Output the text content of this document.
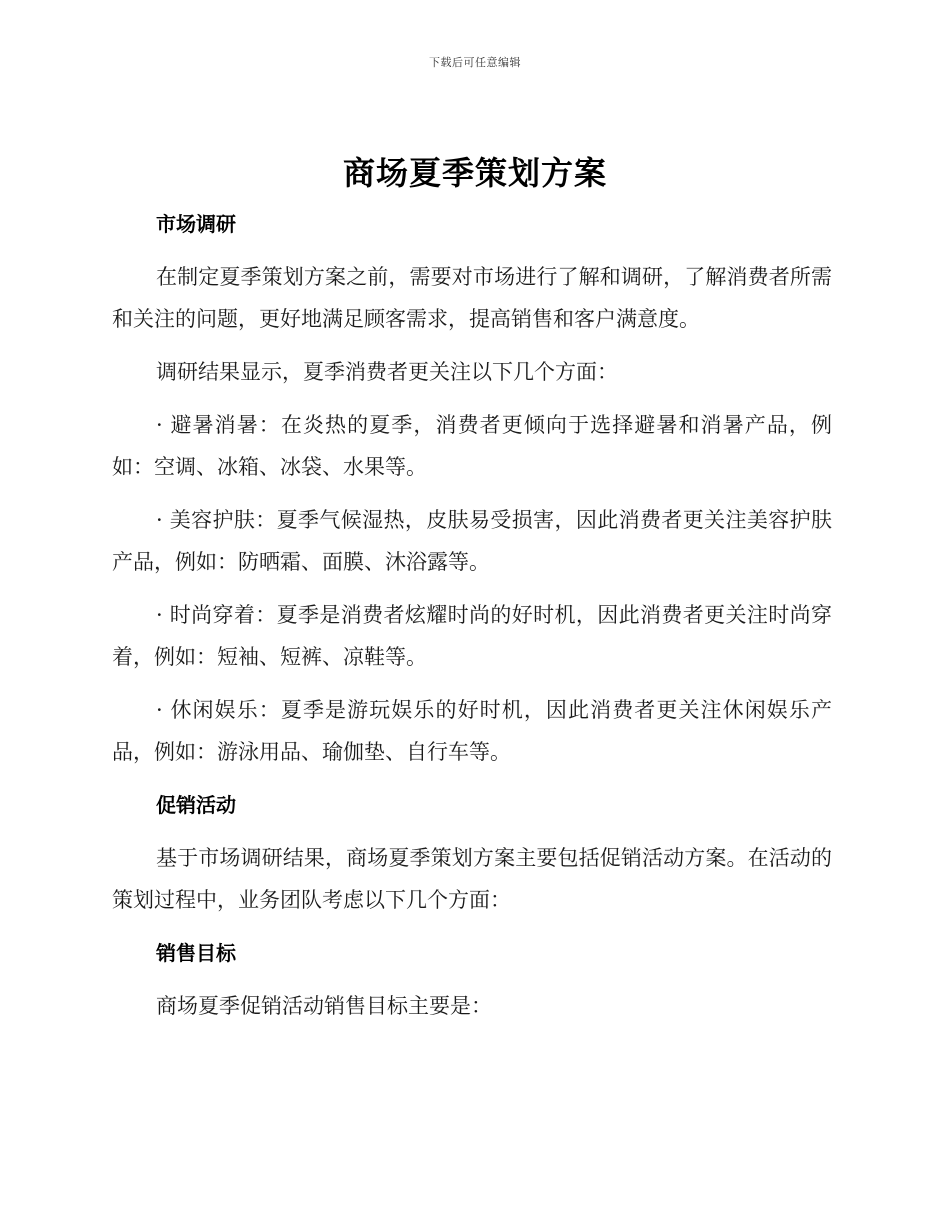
下载后可任意编辑
商场夏季策划方案
市场调研
在制定夏季策划方案之前，需要对市场进行了解和调研，了解消费者所需和关注的问题，更好地满足顾客需求，提高销售和客户满意度。
调研结果显示，夏季消费者更关注以下几个方面：
· 避暑消暑：在炎热的夏季，消费者更倾向于选择避暑和消暑产品，例如：空调、冰箱、冰袋、水果等。
· 美容护肤：夏季气候湿热，皮肤易受损害，因此消费者更关注美容护肤产品，例如：防晒霜、面膜、沐浴露等。
· 时尚穿着：夏季是消费者炫耀时尚的好时机，因此消费者更关注时尚穿着，例如：短袖、短裤、凉鞋等。
· 休闲娱乐：夏季是游玩娱乐的好时机，因此消费者更关注休闲娱乐产品，例如：游泳用品、瑜伽垫、自行车等。
促销活动
基于市场调研结果，商场夏季策划方案主要包括促销活动方案。在活动的策划过程中，业务团队考虑以下几个方面：
销售目标
商场夏季促销活动销售目标主要是：
